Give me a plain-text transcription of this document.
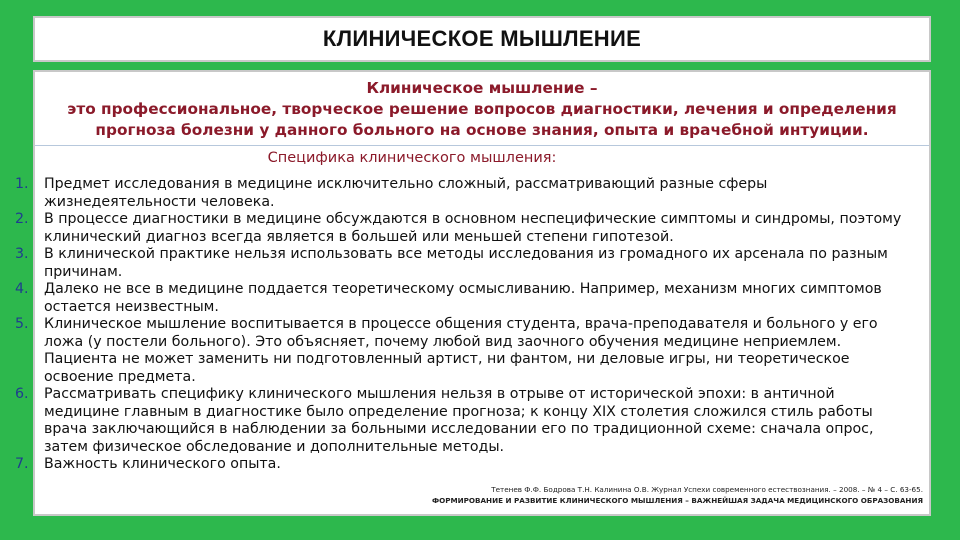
КЛИНИЧЕСКОЕ МЫШЛЕНИЕ
Клиническое мышление –
это профессиональное, творческое решение вопросов диагностики, лечения и определения
прогноза болезни у данного больного на основе знания, опыта и врачебной интуиции.
Специфика клинического мышления:
1.	Предмет исследования в медицине исключительно сложный, рассматривающий разные сферы жизнедеятельности человека.
2.	В процессе диагностики в медицине обсуждаются в основном неспецифические симптомы и синдромы, поэтому клинический диагноз всегда является в большей или меньшей степени гипотезой.
3.	В клинической практике нельзя использовать все методы исследования из громадного их арсенала по разным причинам.
4.	Далеко не все в медицине поддается теоретическому осмысливанию. Например, механизм многих симптомов остается неизвестным.
5.	Клиническое мышление воспитывается в процессе общения студента, врача-преподавателя и больного у его ложа (у постели больного). Это объясняет, почему любой вид заочного обучения медицине неприемлем. Пациента не может заменить ни подготовленный артист, ни фантом, ни деловые игры, ни теоретическое освоение предмета.
6.	Рассматривать специфику клинического мышления нельзя в отрыве от исторической эпохи: в античной медицине главным в диагностике было определение прогноза; к концу XIX столетия сложился стиль работы врача заключающийся в наблюдении за больными исследовании его по традиционной схеме: сначала опрос, затем физическое обследование и дополнительные методы.
7.	Важность клинического опыта.
Тетенев Ф.Ф. Бодрова Т.Н. Калинина О.В. Журнал Успехи современного естествознания. – 2008. – № 4 – С. 63-65.
ФОРМИРОВАНИЕ И РАЗВИТИЕ КЛИНИЧЕСКОГО МЫШЛЕНИЯ – ВАЖНЕЙШАЯ ЗАДАЧА МЕДИЦИНСКОГО ОБРАЗОВАНИЯ
